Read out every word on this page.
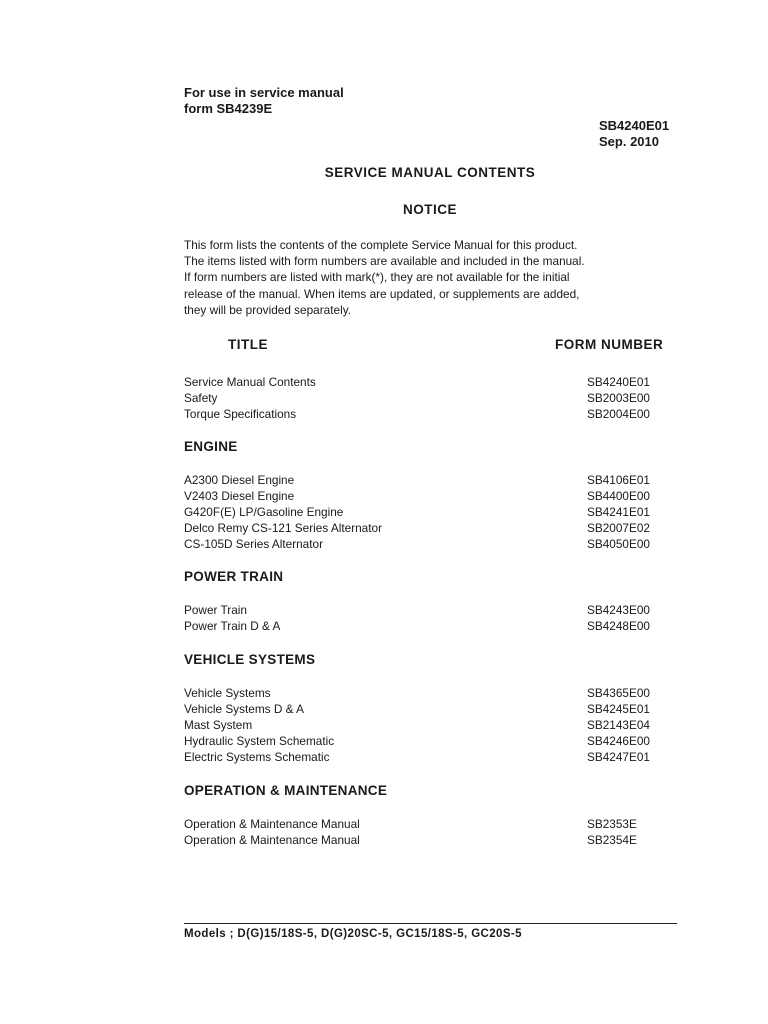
For use in service manual
form SB4239E
SB4240E01
Sep. 2010
SERVICE MANUAL CONTENTS
NOTICE
This form lists the contents of the complete Service Manual for this product.
The items listed with form numbers are available and included in the manual.
If form numbers are listed with mark(*), they are not available for the initial
release of the manual. When items are updated, or supplements are added,
they will be provided separately.
TITLE	FORM NUMBER
Service Manual Contents	SB4240E01
Safety	SB2003E00
Torque Specifications	SB2004E00
ENGINE
A2300 Diesel Engine	SB4106E01
V2403 Diesel Engine	SB4400E00
G420F(E) LP/Gasoline Engine	SB4241E01
Delco Remy CS-121 Series Alternator	SB2007E02
CS-105D Series Alternator	SB4050E00
POWER TRAIN
Power Train	SB4243E00
Power Train D & A	SB4248E00
VEHICLE SYSTEMS
Vehicle Systems	SB4365E00
Vehicle Systems D & A	SB4245E01
Mast System	SB2143E04
Hydraulic System Schematic	SB4246E00
Electric Systems Schematic	SB4247E01
OPERATION & MAINTENANCE
Operation & Maintenance Manual	SB2353E
Operation & Maintenance Manual	SB2354E
Models ; D(G)15/18S-5, D(G)20SC-5, GC15/18S-5, GC20S-5
